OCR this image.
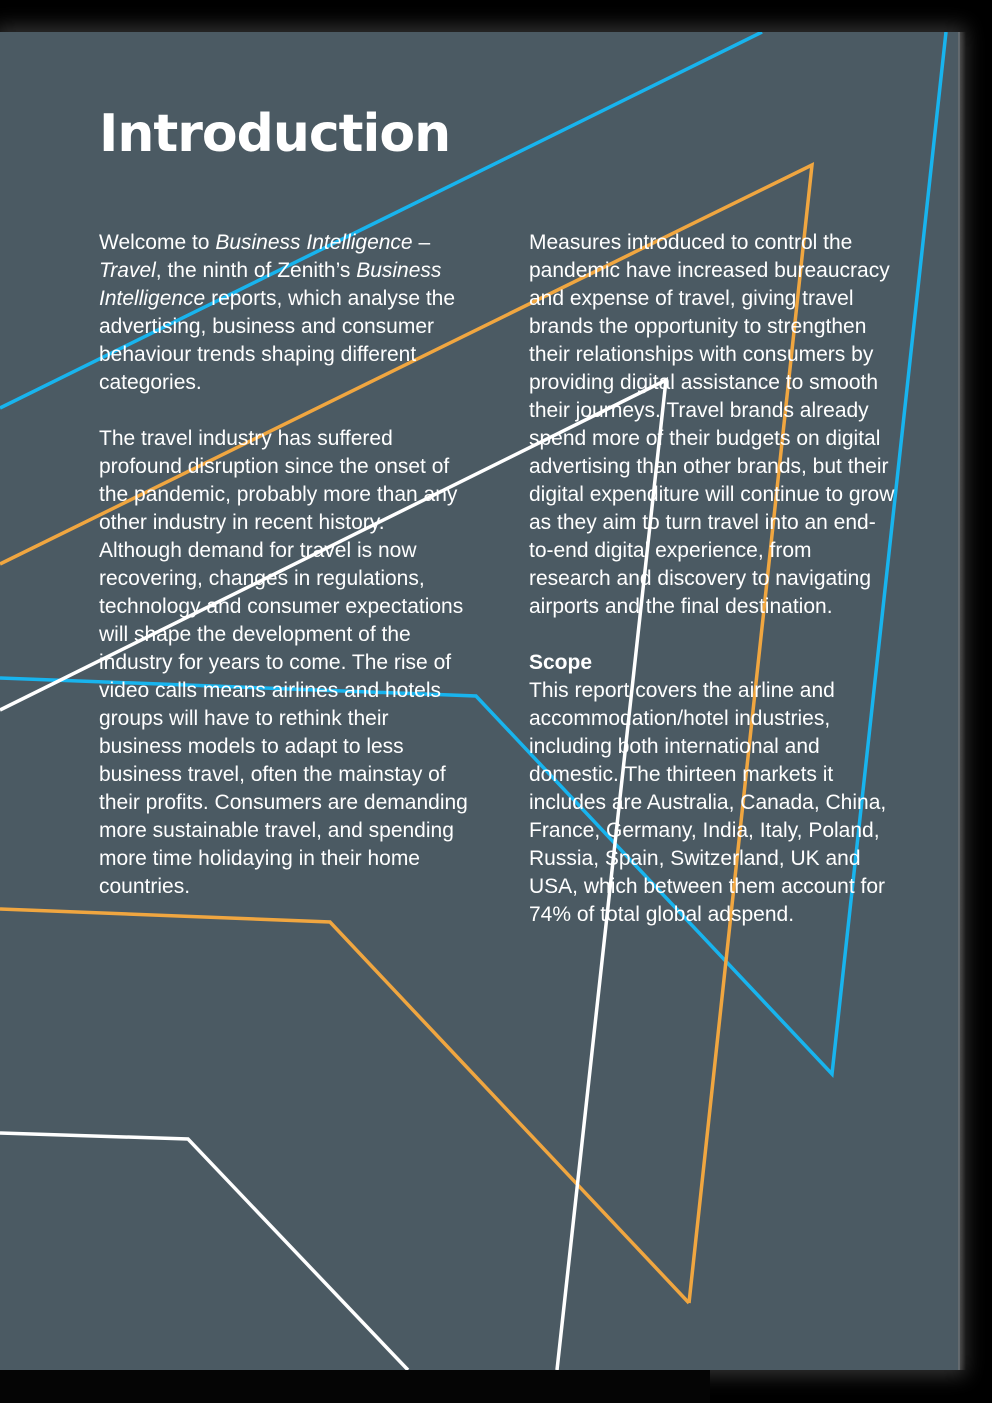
Introduction

Welcome to Business Intelligence – Travel, the ninth of Zenith’s Business Intelligence reports, which analyse the advertising, business and consumer behaviour trends shaping different categories.

The travel industry has suffered profound disruption since the onset of the pandemic, probably more than any other industry in recent history. Although demand for travel is now recovering, changes in regulations, technology and consumer expectations will shape the development of the industry for years to come. The rise of video calls means airlines and hotels groups will have to rethink their business models to adapt to less business travel, often the mainstay of their profits. Consumers are demanding more sustainable travel, and spending more time holidaying in their home countries.

Measures introduced to control the pandemic have increased bureaucracy and expense of travel, giving travel brands the opportunity to strengthen their relationships with consumers by providing digital assistance to smooth their journeys. Travel brands already spend more of their budgets on digital advertising than other brands, but their digital expenditure will continue to grow as they aim to turn travel into an end-to-end digital experience, from research and discovery to navigating airports and the final destination.

Scope
This report covers the airline and accommodation/hotel industries, including both international and domestic. The thirteen markets it includes are Australia, Canada, China, France, Germany, India, Italy, Poland, Russia, Spain, Switzerland, UK and USA, which between them account for 74% of total global adspend.
